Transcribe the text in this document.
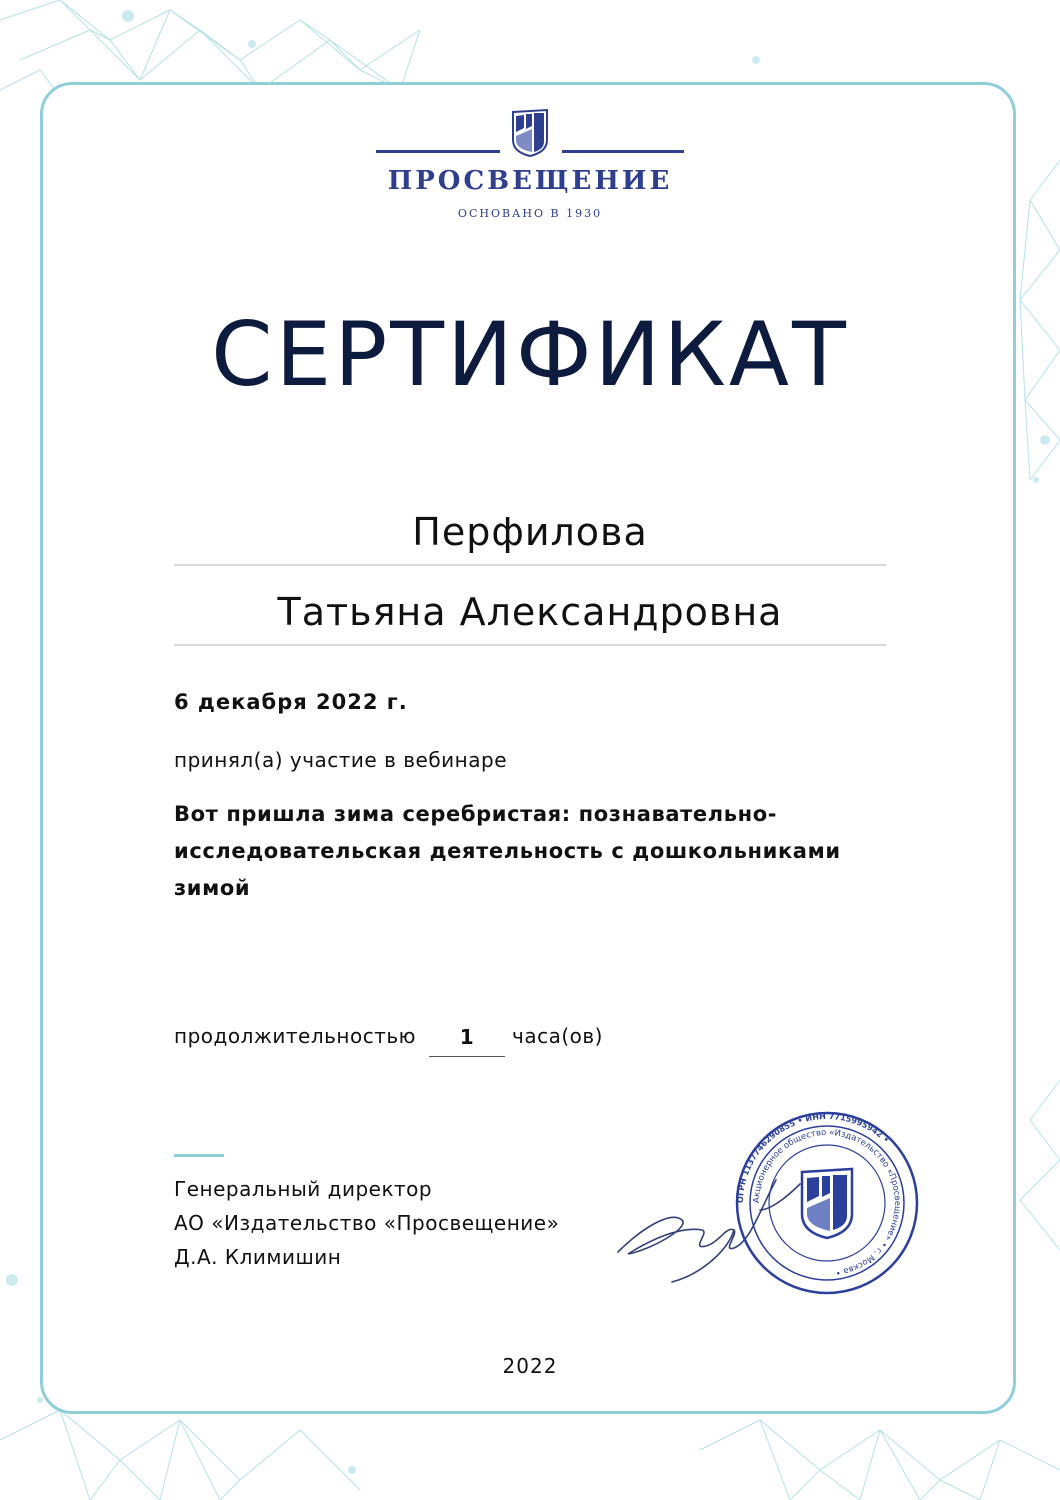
ПРОСВЕЩЕНИЕ
ОСНОВАНО В 1930
СЕРТИФИКАТ
Перфилова
Татьяна Александровна
6 декабря 2022 г.
принял(а) участие в вебинаре
Вот пришла зима серебристая: познавательно-исследовательская деятельность с дошкольниками зимой
продолжительностью	1	часа(ов)
Генеральный директор
АО «Издательство «Просвещение»
Д.А. Климишин
ОГРН 1137746290855 • ИНН 7715995942 •
Акционерное общество «Издательство «Просвещение» • г. Москва •
2022
